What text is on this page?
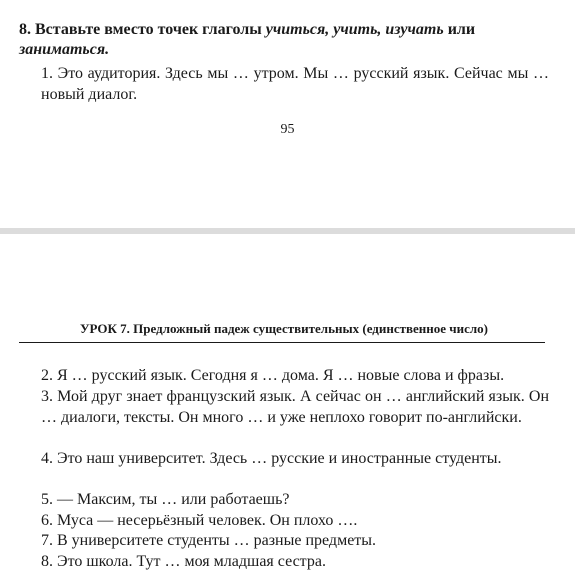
8. Вставьте вместо точек глаголы учиться, учить, изучать или заниматься.
1. Это аудитория. Здесь мы … утром. Мы … русский язык. Сейчас мы … новый диалог.
95
УРОК 7. Предложный падеж существительных (единственное число)
2. Я … русский язык. Сегодня я … дома. Я … новые слова и фразы.
3. Мой друг знает французский язык. А сейчас он … английский язык. Он … диалоги, тексты. Он много … и уже неплохо говорит по-английски.
4. Это наш университет. Здесь … русские и иностранные студенты.
5. — Максим, ты … или работаешь?
6. Муса — несерьёзный человек. Он плохо ….
7. В университете студенты … разные предметы.
8. Это школа. Тут … моя младшая сестра.
